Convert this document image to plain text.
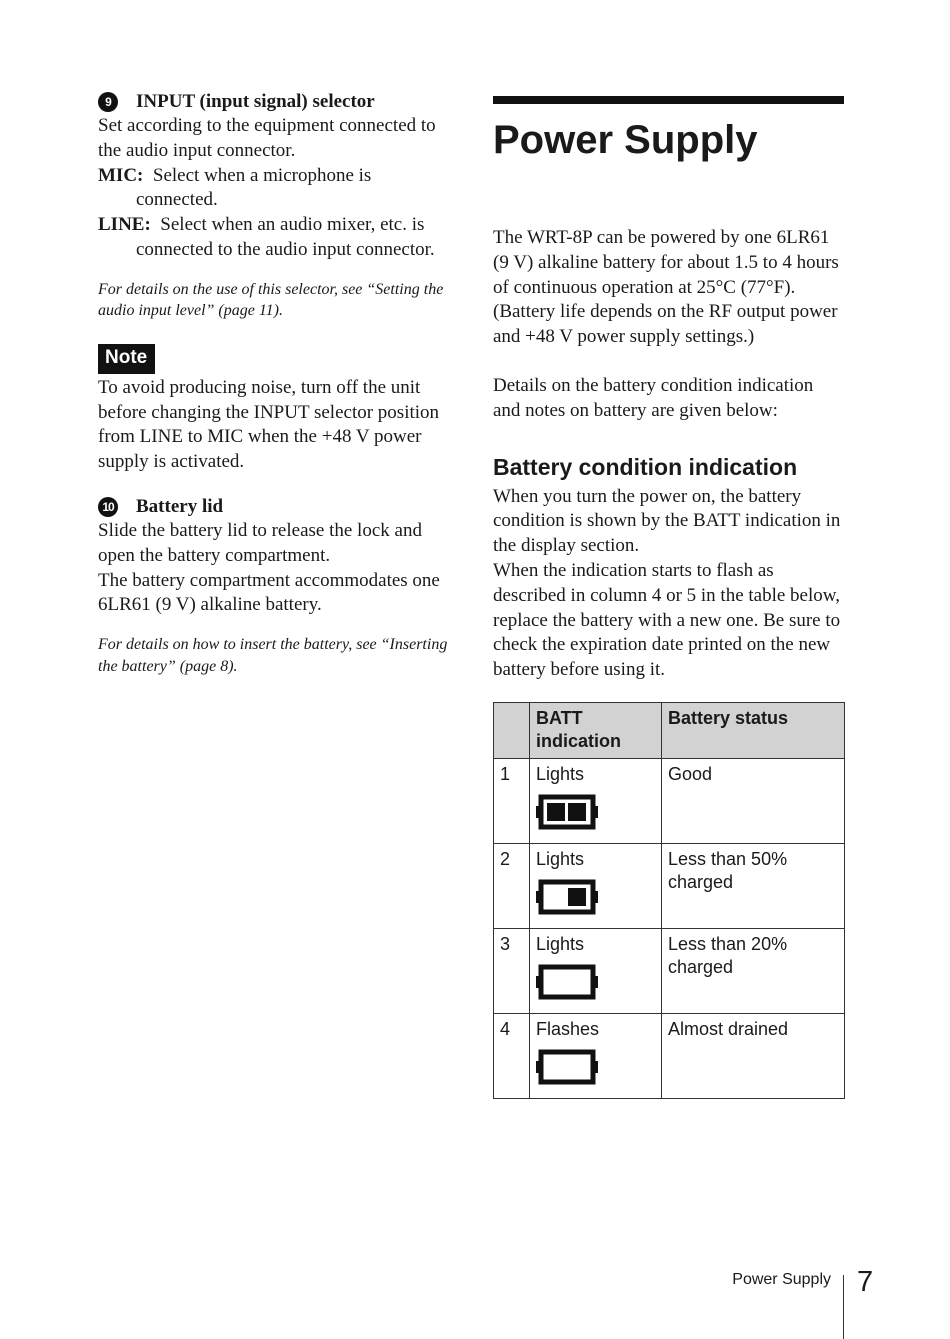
9	INPUT (input signal) selector

Set according to the equipment connected to the audio input connector.

MIC: Select when a microphone is connected.

LINE: Select when an audio mixer, etc. is connected to the audio input connector.

For details on the use of this selector, see “Setting the audio input level” (page 11).

Note

To avoid producing noise, turn off the unit before changing the INPUT selector position from LINE to MIC when the +48 V power supply is activated.

10 Battery lid

Slide the battery lid to release the lock and open the battery compartment.

The battery compartment accommodates one 6LR61 (9 V) alkaline battery.

For details on how to insert the battery, see “Inserting the battery” (page 8).

Power Supply

The WRT-8P can be powered by one 6LR61 (9 V) alkaline battery for about 1.5 to 4 hours of continuous operation at 25°C (77°F). (Battery life depends on the RF output power and +48 V power supply settings.)

Details on the battery condition indication and notes on battery are given below:

Battery condition indication

When you turn the power on, the battery condition is shown by the BATT indication in the display section.

When the indication starts to flash as described in column 4 or 5 in the table below, replace the battery with a new one. Be sure to check the expiration date printed on the new battery before using it.

	BATT indication	Battery status
1	Lights	Good
2	Lights	Less than 50% charged
3	Lights	Less than 20% charged
4	Flashes	Almost drained
Power Supply 7
